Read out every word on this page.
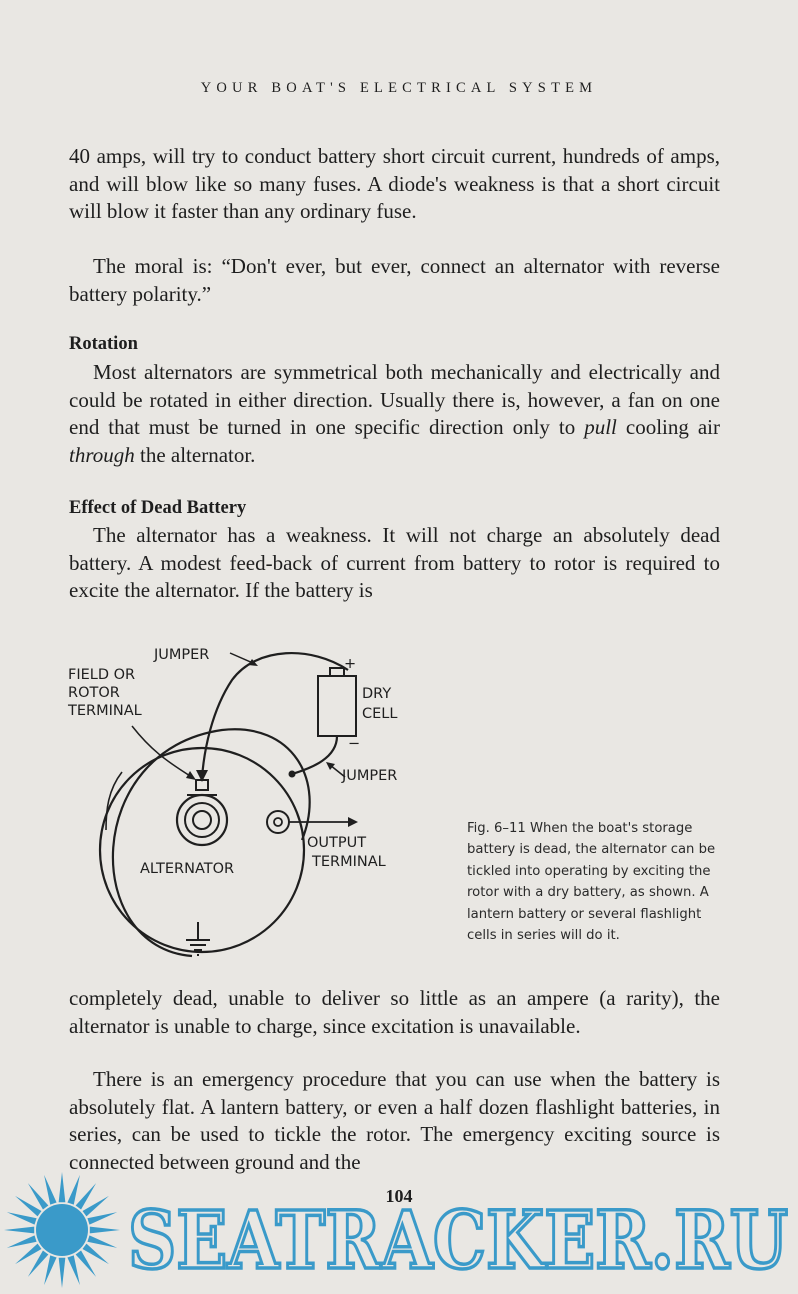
YOUR BOAT'S ELECTRICAL SYSTEM

40 amps, will try to conduct battery short circuit current, hundreds of amps, and will blow like so many fuses. A diode's weakness is that a short circuit will blow it faster than any ordinary fuse.

The moral is: “Don't ever, but ever, connect an alternator with reverse battery polarity.”

Rotation

Most alternators are symmetrical both mechanically and electrically and could be rotated in either direction. Usually there is, however, a fan on one end that must be turned in one specific direction only to pull cooling air through the alternator.

Effect of Dead Battery

The alternator has a weakness. It will not charge an absolutely dead battery. A modest feed-back of current from battery to rotor is required to excite the alternator. If the battery is

+
−
JUMPER
FIELD OR
ROTOR
TERMINAL
DRY
CELL
JUMPER
OUTPUT
TERMINAL
ALTERNATOR
Fig. 6–11 When the boat's storage battery is dead, the alternator can be tickled into operating by exciting the rotor with a dry battery, as shown. A lantern battery or several flashlight cells in series will do it.

completely dead, unable to deliver so little as an ampere (a rarity), the alternator is unable to charge, since excitation is unavailable.

There is an emergency procedure that you can use when the battery is absolutely flat. A lantern battery, or even a half dozen flashlight batteries, in series, can be used to tickle the rotor. The emergency exciting source is connected between ground and the

104
SEATRACKER.RU
